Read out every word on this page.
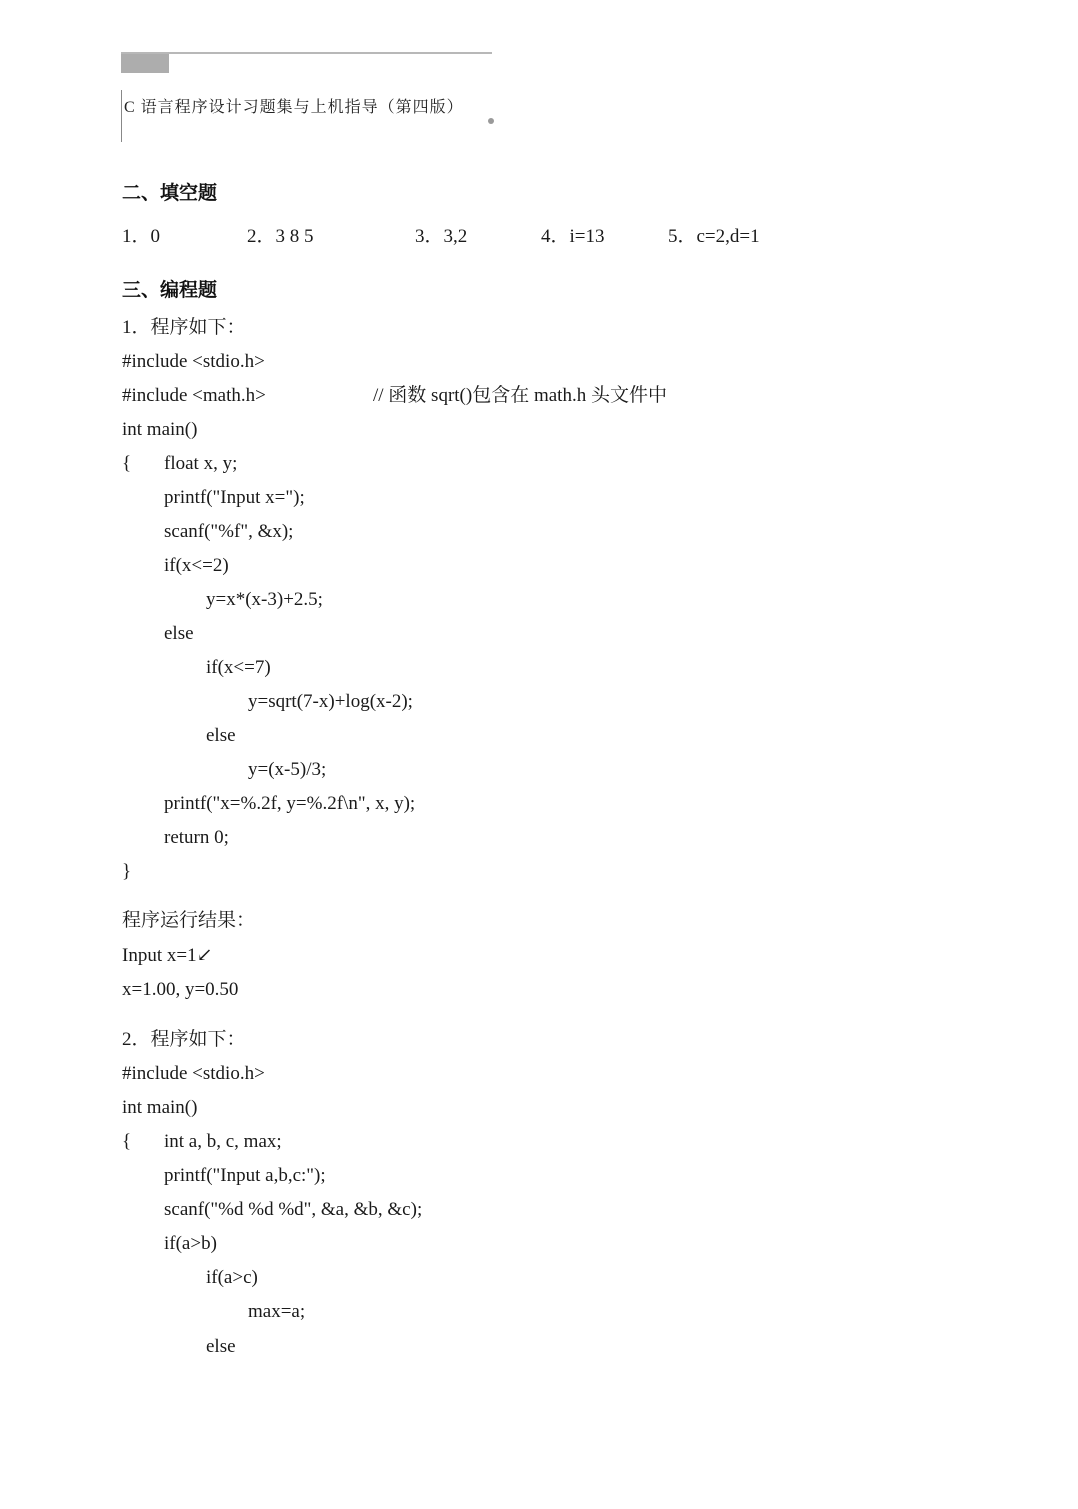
C 语言程序设计习题集与上机指导（第四版）
二、填空题
1．0	2．3 8 5	3．3,2	4．i=13	5．c=2,d=1
三、编程题
1．程序如下：
#include <stdio.h>
#include <math.h>	// 函数 sqrt()包含在 math.h 头文件中
int main()
{ float x, y;
printf("Input x=");
scanf("%f", &x);
if(x<=2)
y=x*(x-3)+2.5;
else
if(x<=7)
y=sqrt(7-x)+log(x-2);
else
y=(x-5)/3;
printf("x=%.2f, y=%.2f\n", x, y);
return 0;
}
程序运行结果：
Input x=1↙
x=1.00, y=0.50
2．程序如下：
#include <stdio.h>
int main()
{ int a, b, c, max;
printf("Input a,b,c:");
scanf("%d %d %d", &a, &b, &c);
if(a>b)
if(a>c)
max=a;
else
